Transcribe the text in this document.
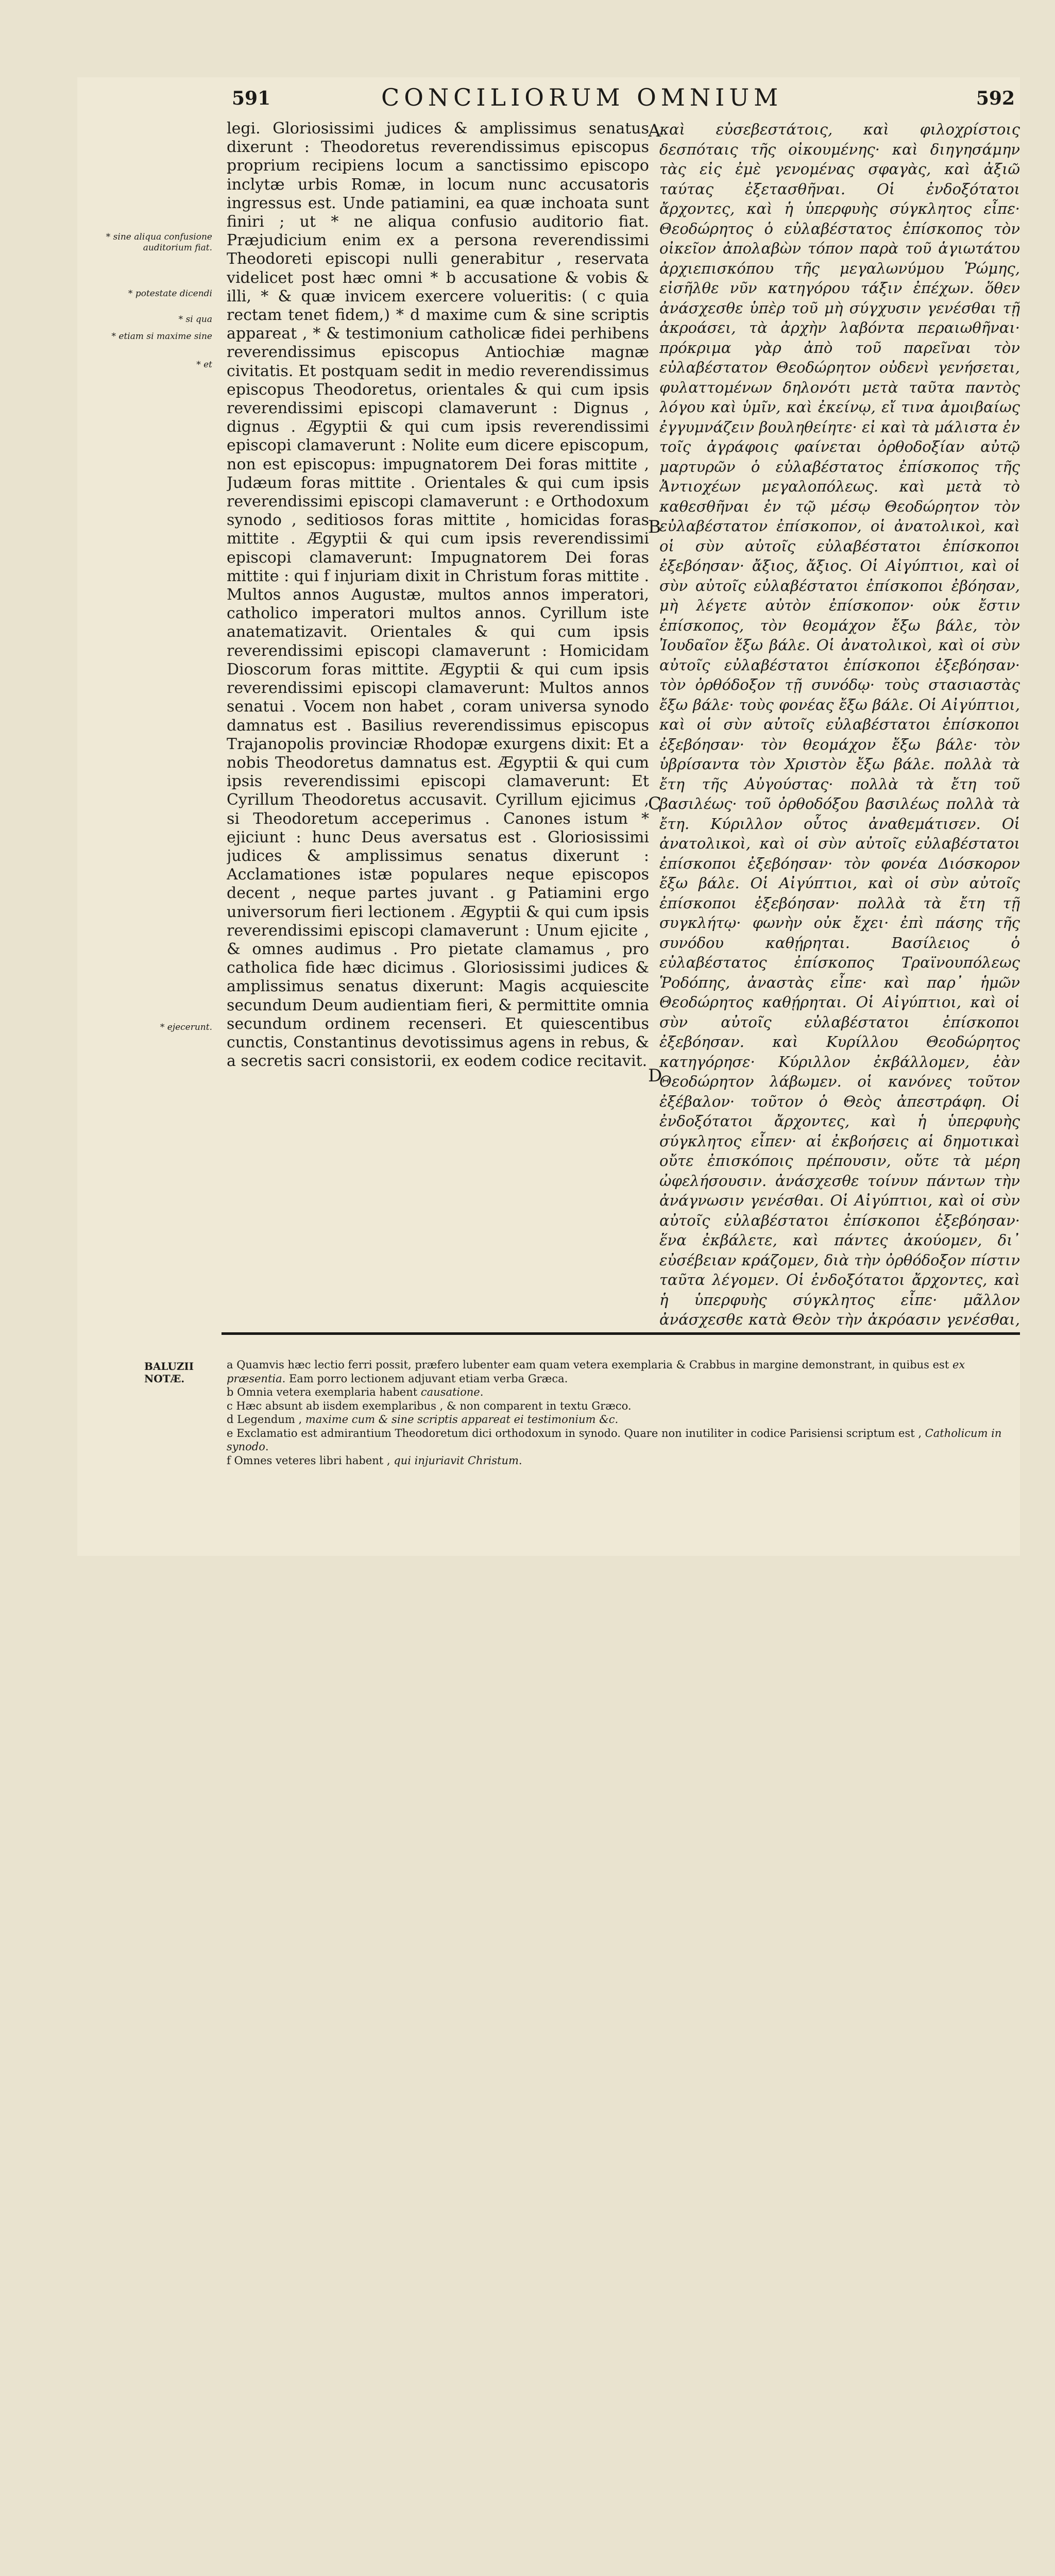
591	CONCILIORUM OMNIUM	592
* sine aliqua confusione auditorium fiat.
* potestate dicendi
* si qua
* etiam si maxime sine
* et
* ejecerunt.

legi. Gloriosissimi judices & amplissimus senatus dixerunt : Theodoretus reverendissimus episcopus proprium recipiens locum a sanctissimo episcopo inclytæ urbis Romæ, in locum nunc accusatoris ingressus est. Unde patiamini, ea quæ inchoata sunt finiri ; ut * ne aliqua confusio auditorio fiat. Præjudicium enim ex a persona reverendissimi Theodoreti episcopi nulli generabitur , reservata videlicet post hæc omni * b accusatione & vobis & illi, * & quæ invicem exercere volueritis: ( c quia rectam tenet fidem,) * d maxime cum & sine scriptis appareat , * & testimonium catholicæ fidei perhibens reverendissimus episcopus Antiochiæ magnæ civitatis. Et postquam sedit in medio reverendissimus episcopus Theodoretus, orientales & qui cum ipsis reverendissimi episcopi clamaverunt : Dignus , dignus . Ægyptii & qui cum ipsis reverendissimi episcopi clamaverunt : Nolite eum dicere episcopum, non est episcopus: impugnatorem Dei foras mittite , Judæum foras mittite . Orientales & qui cum ipsis reverendissimi episcopi clamaverunt : e Orthodoxum synodo , seditiosos foras mittite , homicidas foras mittite . Ægyptii & qui cum ipsis reverendissimi episcopi clamaverunt: Impugnatorem Dei foras mittite : qui f injuriam dixit in Christum foras mittite . Multos annos Augustæ, multos annos imperatori, catholico imperatori multos annos. Cyrillum iste anatematizavit. Orientales & qui cum ipsis reverendissimi episcopi clamaverunt : Homicidam Dioscorum foras mittite. Ægyptii & qui cum ipsis reverendissimi episcopi clamaverunt: Multos annos senatui . Vocem non habet , coram universa synodo damnatus est . Basilius reverendissimus episcopus Trajanopolis provinciæ Rhodopæ exurgens dixit: Et a nobis Theodoretus damnatus est. Ægyptii & qui cum ipsis reverendissimi episcopi clamaverunt: Et Cyrillum Theodoretus accusavit. Cyrillum ejicimus , si Theodoretum acceperimus . Canones istum * ejiciunt : hunc Deus aversatus est . Gloriosissimi judices & amplissimus senatus dixerunt : Acclamationes istæ populares neque episcopos decent , neque partes juvant . g Patiamini ergo universorum fieri lectionem . Ægyptii & qui cum ipsis reverendissimi episcopi clamaverunt : Unum ejicite , & omnes audimus . Pro pietate clamamus , pro catholica fide hæc dicimus . Gloriosissimi judices & amplissimus senatus dixerunt: Magis acquiescite secundum Deum audientiam fieri, & permittite omnia secundum ordinem recenseri. Et quiescentibus cunctis, Constantinus devotissimus agens in rebus, & a secretis sacri consistorii, ex eodem codice recitavit.

A
B
C
D

καὶ εὐσεβεστάτοις, καὶ φιλοχρίστοις δεσπόταις τῆς οἰκουμένης· καὶ διηγησάμην τὰς εἰς ἐμὲ γενομένας σφαγὰς, καὶ ἀξιῶ ταύτας ἐξετασθῆναι. Οἱ ἐνδοξότατοι ἄρχοντες, καὶ ἡ ὑπερφυὴς σύγκλητος εἶπε· Θεοδώρητος ὁ εὐλαβέστατος ἐπίσκοπος τὸν οἰκεῖον ἀπολαβὼν τόπον παρὰ τοῦ ἁγιωτάτου ἀρχιεπισκόπου τῆς μεγαλωνύμου Ῥώμης, εἰσῆλθε νῦν κατηγόρου τάξιν ἐπέχων. ὅθεν ἀνάσχεσθε ὑπὲρ τοῦ μὴ σύγχυσιν γενέσθαι τῇ ἀκροάσει, τὰ ἀρχὴν λαβόντα περαιωθῆναι· πρόκριμα γὰρ ἀπὸ τοῦ παρεῖναι τὸν εὐλαβέστατον Θεοδώρητον οὐδενὶ γενήσεται, φυλαττομένων δηλονότι μετὰ ταῦτα παντὸς λόγου καὶ ὑμῖν, καὶ ἐκείνῳ, εἴ τινα ἀμοιβαίως ἐγγυμνάζειν βουληθείητε· εἰ καὶ τὰ μάλιστα ἐν τοῖς ἀγράφοις φαίνεται ὀρθοδοξίαν αὐτῷ μαρτυρῶν ὁ εὐλαβέστατος ἐπίσκοπος τῆς Ἀντιοχέων μεγαλοπόλεως. καὶ μετὰ τὸ καθεσθῆναι ἐν τῷ μέσῳ Θεοδώρητον τὸν εὐλαβέστατον ἐπίσκοπον, οἱ ἀνατολικοὶ, καὶ οἱ σὺν αὐτοῖς εὐλαβέστατοι ἐπίσκοποι ἐξεβόησαν· ἄξιος, ἄξιος. Οἱ Αἰγύπτιοι, καὶ οἱ σὺν αὐτοῖς εὐλαβέστατοι ἐπίσκοποι ἐβόησαν, μὴ λέγετε αὐτὸν ἐπίσκοπον· οὐκ ἔστιν ἐπίσκοπος, τὸν θεομάχον ἔξω βάλε, τὸν Ἰουδαῖον ἔξω βάλε. Οἱ ἀνατολικοὶ, καὶ οἱ σὺν αὐτοῖς εὐλαβέστατοι ἐπίσκοποι ἐξεβόησαν· τὸν ὀρθόδοξον τῇ συνόδῳ· τοὺς στασιαστὰς ἔξω βάλε· τοὺς φονέας ἔξω βάλε. Οἱ Αἰγύπτιοι, καὶ οἱ σὺν αὐτοῖς εὐλαβέστατοι ἐπίσκοποι ἐξεβόησαν· τὸν θεομάχον ἔξω βάλε· τὸν ὑβρίσαντα τὸν Χριστὸν ἔξω βάλε. πολλὰ τὰ ἔτη τῆς Αὐγούστας· πολλὰ τὰ ἔτη τοῦ βασιλέως· τοῦ ὀρθοδόξου βασιλέως πολλὰ τὰ ἔτη. Κύριλλον οὗτος ἀναθεμάτισεν. Οἱ ἀνατολικοὶ, καὶ οἱ σὺν αὐτοῖς εὐλαβέστατοι ἐπίσκοποι ἐξεβόησαν· τὸν φονέα Διόσκορον ἔξω βάλε. Οἱ Αἰγύπτιοι, καὶ οἱ σὺν αὐτοῖς ἐπίσκοποι ἐξεβόησαν· πολλὰ τὰ ἔτη τῇ συγκλήτῳ· φωνὴν οὐκ ἔχει· ἐπὶ πάσης τῆς συνόδου καθῄρηται. Βασίλειος ὁ εὐλαβέστατος ἐπίσκοπος Τραϊνουπόλεως Ῥοδόπης, ἀναστὰς εἶπε· καὶ παρ᾽ ἡμῶν Θεοδώρητος καθῄρηται. Οἱ Αἰγύπτιοι, καὶ οἱ σὺν αὐτοῖς εὐλαβέστατοι ἐπίσκοποι ἐξεβόησαν. καὶ Κυρίλλου Θεοδώρητος κατηγόρησε· Κύριλλον ἐκβάλλομεν, ἐὰν Θεοδώρητον λάβωμεν. οἱ κανόνες τοῦτον ἐξέβαλον· τοῦτον ὁ Θεὸς ἀπεστράφη. Οἱ ἐνδοξότατοι ἄρχοντες, καὶ ἡ ὑπερφυὴς σύγκλητος εἶπεν· αἱ ἐκβοήσεις αἱ δημοτικαὶ οὔτε ἐπισκόποις πρέπουσιν, οὔτε τὰ μέρη ὠφελήσουσιν. ἀνάσχεσθε τοίνυν πάντων τὴν ἀνάγνωσιν γενέσθαι. Οἱ Αἰγύπτιοι, καὶ οἱ σὺν αὐτοῖς εὐλαβέστατοι ἐπίσκοποι ἐξεβόησαν· ἕνα ἐκβάλετε, καὶ πάντες ἀκούομεν, δι᾽ εὐσέβειαν κράζομεν, διὰ τὴν ὀρθόδοξον πίστιν ταῦτα λέγομεν. Οἱ ἐνδοξότατοι ἄρχοντες, καὶ ἡ ὑπερφυὴς σύγκλητος εἶπε· μᾶλλον ἀνάσχεσθε κατὰ Θεὸν τὴν ἀκρόασιν γενέσθαι,

BALUZII NOTÆ.

a Quamvis hæc lectio ferri possit, præfero lubenter eam quam vetera exemplaria & Crabbus in margine demonstrant, in quibus est ex præsentia. Eam porro lectionem adjuvant etiam verba Græca.

b Omnia vetera exemplaria habent causatione.

c Hæc absunt ab iisdem exemplaribus , & non comparent in textu Græco.

d Legendum , maxime cum & sine scriptis appareat ei testimonium &c.

e Exclamatio est admirantium Theodoretum dici orthodoxum in synodo. Quare non inutiliter in codice Parisiensi scriptum est , Catholicum in synodo.

f Omnes veteres libri habent , qui injuriavit Christum.
